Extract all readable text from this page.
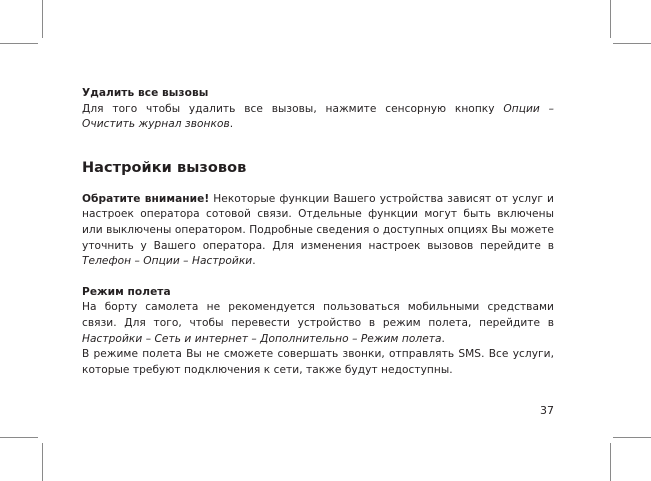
Удалить все вызовы

Для того чтобы удалить все вызовы, нажмите сенсорную кнопку Опции – Очистить журнал звонков.

Настройки вызовов

Обратите внимание! Некоторые функции Вашего устройства зависят от услуг и настроек оператора сотовой связи. Отдельные функции могут быть включены или выключены оператором. Подробные сведения о доступных опциях Вы можете уточнить у Вашего оператора. Для изменения настроек вызовов перейдите в Телефон – Опции – Настройки.

Режим полета

На борту самолета не рекомендуется пользоваться мобильными средствами связи. Для того, чтобы перевести устройство в режим полета, перейдите в Настройки – Сеть и интернет – Дополнительно – Режим полета.

В режиме полета Вы не сможете совершать звонки, отправлять SMS. Все услуги, которые требуют подключения к сети, также будут недоступны.

37
